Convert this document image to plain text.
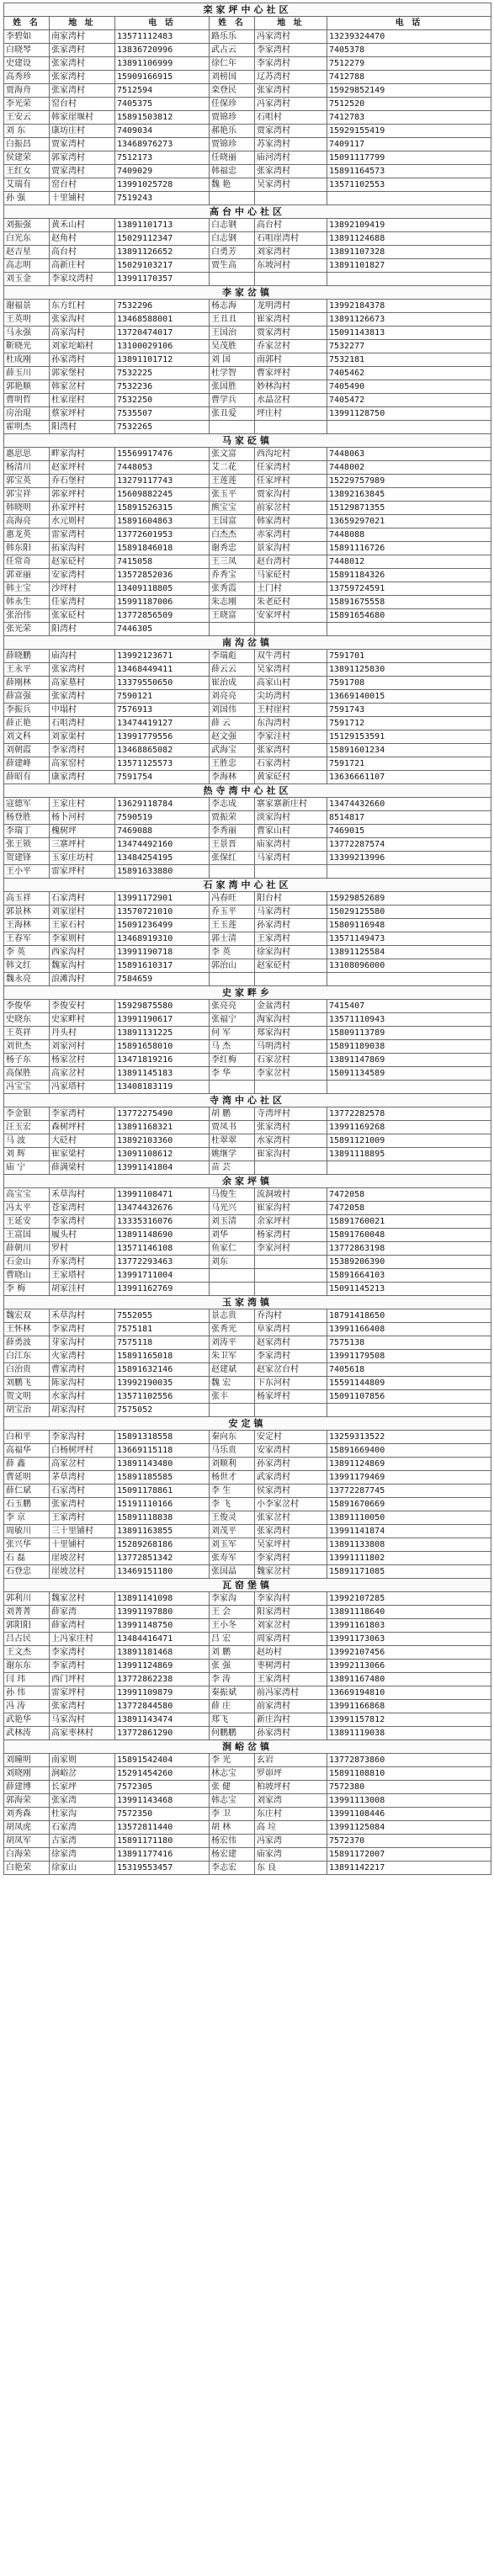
栾家坪中心社区					
姓 名	地 址	电 话	姓 名	地 址	电 话
李碧如	南家湾村	13571112483	路乐乐	冯家湾村	13239324470
白晓琴	张家湾村	13836720996	武占云	李家湾村	7405378
史建设	张家湾村	13891106999	徐仁年	李家湾村	7512279
高秀珍	张家湾村	15909166915	刘榜国	辽苏湾村	7412788
贾海舟	张家湾村	7512594	栾登民	张家湾村	15929852149
李光荣	窑台村	7405375	任保珍	冯家湾村	7512520
王安云	韩家崖堰村	15891503812	贾锦珍	石咀村	7412783
刘 东	康坊庄村	7409034	郝艳乐	贾家湾村	15929155419
白振昌	贾家湾村	13468976273	贾锦珍	苏家湾村	7409117
侯建荣	郭家湾村	7512173	任晓丽	庙河湾村	15091117799
王红女	贾家湾村	7409029	韩福忠	张家湾村	15891164573
艾瑞有	窑台村	13991025728	魏 艳	吴家湾村	13571102553
孙 强	十里铺村	7519243			
高台中心社区					
刘振强	黄禾山村	13891101713	白志钢	高台村	13892109419
白光东	赵角村	15029112347	白志钢	石咀崖湾村	13891124688
赵吉星	高台村	13891126652	白勇芳	刘家湾村	13891107328
高志明	高新庄村	15029103217	贾生高	东坡河村	13891101827
刘玉金	李家坟湾村	13991170357			
李家岔镇					
谢福景	东方红村	7532296	杨志海	龙明湾村	13992184378
王英明	张家沟村	13468588001	王丑丑	崔家湾村	13891126673
马永强	高家沟村	13720474017	王国治	贾家湾村	15091143813
靳晓光	刘家坨峪村	13100029106	吴茂胜	乔家岔村	7532277
杜成刚	孙家湾村	13891101712	刘 国	南郭村	7532181
薛玉川	郭家堡村	7532225	杜学智	曹家坪村	7405462
郭艳顺	韩家岔村	7532236	张国胜	妙林沟村	7405490
曹明哲	杜家崖村	7532250	曹学兵	水晶岔村	7405472
房治琨	蔡家坪村	7535507	张丑爱	坪庄村	13991128750
霍明杰	阳湾村	7532265			
马家砭镇					
惠思思	畔家沟村	15569917476	张文富	西沟坨村	7448063
杨清川	赵家坪村	7448053	艾二花	任家湾村	7448002
郭宝英	乔石堡村	13279117743	王莲莲	任家坪村	15229757989
郭宝祥	郭家坪村	15609882245	张玉平	贾家沟村	13892163845
韩晓明	孙家坪村	15891526315	熊宝宝	前家岔村	15129871355
高海亮	水元则村	15891604863	王国富	韩家湾村	13659297021
惠龙英	雷家湾村	13772601953	白杰杰	赤家湾村	7448088
韩东阳	拓家沟村	15891846018	谢秀忠	景家沟村	15891116726
任常奇	赵家砭村	7415058	王三凤	赵台湾村	7448012
郭亚丽	安家湾村	13572852036	乔秀宝	马家砭村	15891184326
韩士宝	沙坪村	13409118805	张秀霞	土门村	13759724591
韩永生	任家湾村	15991187006	朱志刚	朱老砭村	15891675558
张治伟	张家砭村	13772856509	王晓富	安家坪村	15891654680
张光荣	阳湾村	7446305			
南沟岔镇					
薛晓鹏	庙沟村	13992123671	李瑞彪	双牛湾村	7591701
王永平	张家湾村	13468449411	薛云云	吴家湾村	13891125830
薛刚林	高家墓村	13379550650	崔治成	高家山村	7591708
薛富强	张家湾村	7590121	刘亮亮	尖坊湾村	13669140015
李振兵	中塌村	7576913	刘国伟	王村崖村	7591743
薛正艳	石咀湾村	13474419127	薛 云	东沟湾村	7591712
刘文科	刘家渠村	13991779556	赵文强	李家洼村	15129153591
刘朝霞	李家湾村	13468865082	武海宝	张家湾村	15891601234
薛建峰	高家窑村	13571125573	王胜忠	石家湾村	7591721
薛昭有	康家湾村	7591754	李海林	黄家砭村	13636661107
热寺湾中心社区					
寇德军	王家庄村	13629118784	李志成	寨家寨新庄村	13474432660
杨登胜	杨卜河村	7590519	贾振荣	淡家沟村	8514817
李瑞丁	槐树坪	7469088	李秀丽	曹家山村	7469015
张王锁	三寨坪村	13474492160	王景晋	庙家湾村	13772287574
贺建锋	玉家庄坊村	13484254195	张保红	马家湾村	13399213996
王小平	雷家坪村	15891633880			
石家湾中心社区					
高玉祥	石家湾村	13991172901	冯春旺	阳台村	15929852689
郭景林	刘家崖村	13570721010	乔玉平	马家湾村	15029125580
王海林	王家石村	15091236499	王玉莲	孙家湾村	15809116948
王春军	李家则村	13468919310	郭士清	王家湾村	13571149473
李 英	西家沟村	13991190718	李 英	徐家沟村	13891125584
韩文红	魏家沟村	15891610317	郭治山	赵家砭村	13108096000
魏永亮	浪滩沟村	7584659			
史家畔乡					
李俊华	李俊安村	15929875580	张亮亮	金盆湾村	7415407
史晓东	史家畔村	13991190617	张福宁	淘家沟村	13571110943
王英祥	丹头村	13891131225	何 军	郑家沟村	15809113789
刘世杰	刘家河村	15891658010	马 杰	马明湾村	15891189038
杨子东	杨家岔村	13471819216	李红梅	石家岔村	13891147869
高保胜	高家岔村	13891145183	李 华	李家岔村	15091134589
冯宝宝	冯家塔村	13408183119			
寺湾中心社区					
李金银	李家湾村	13772275490	胡 鹏	寺湾坪村	13772282578
汪玉宏	森树坪村	13891168321	贾凤书	张家湾村	13991169268
马 波	大砭村	13892103360	杜翠翠	水家湾村	15891121009
刘 辉	崔家梁村	13091108612	姚继学	崔家沟村	13891118895
庙 宁	薛满梁村	13991141804	苗 芸		
余家坪镇					
高宝宝	禾草沟村	13991108471	马俊生	流洞坡村	7472058
冯太平	苍家湾村	13474432676	马光兴	崔家沟村	7472058
王延安	李家湾村	13335316076	刘玉清	余家坪村	15891760021
王富国	履头村	13891148690	刘华	杨家湾村	15891760048
薛朝川	罗村	13571146108	鱼家仁	李家河村	13772863198
石金山	乔家湾村	13772293463	刘东		15389206390
曹晓山	王家塔村	13991711004			15891664103
李 梅	胡家洼村	13991162769			15091145213
玉家湾镇					
魏宏双	禾草沟村	7552055	景志贵	乔沟村	18791418650
王怀林	李家湾村	7575181	张秀光	阜家湾村	13991166408
薛勇波	芽家沟村	7575118	刘涛平	赵家湾村	7575138
白江东	火家湾村	15891165018	朱卫军	李家湾村	13991179508
白治贵	曹家湾村	15891632146	赵建斌	赵家岔台村	7405618
刘鹏飞	陈家沟村	13992190035	魏 宏	下东河村	15591144809
贺文明	水家沟村	13571102556	张丰	杨家坪村	15091107856
胡宝治	胡家沟村	7575052			
安定镇					
白和平	李家沟村	15891318558	秦向东	安定村	13259313522
高福华	白杨树坪村	13669115118	马乐贵	安家湾村	15891669400
薛 鑫	高家岔村	13891143480	刘顺利	孙家湾村	13891124869
曹延明	茅草湾村	15891185585	杨世才	武家湾村	13991179469
薛仁斌	石家湾村	15091178861	李 生	侯家湾村	13772287745
石玉鹏	张家湾村	15191110166	李 飞	小李家岔村	15891670669
李 京	王家湾村	15891118838	王俊灵	张家岔村	13891110050
周敏川	三十里铺村	13891163855	刘茂平	张家湾村	13991141874
张兴华	十里铺村	15289268186	刘玉军	吴家坪村	13891133808
石 磊	崖坡岔村	13772851342	张寿军	李家湾村	13991111802
石登忠	崖坡岔村	13469151180	张国晶	魏家岔村	15891171085
瓦窑堡镇					
郭利川	魏家岔村	13891141098	李家沟	李家沟村	13992107285
刘菁菁	薛家湾	13991197880	王 会	阳家湾村	13891118640
郭阳阳	薛家湾村	13991148750	王小冬	刘家岔村	13991161803
吕占民	上冯家庄村	13484416471	吕 宏	周家湾村	13991173063
王文杰	李家湾村	13891181468	刘 鹏	赵坊村	13992107456
谢东东	李家湾村	13991124869	张 强	枣树湾村	13992113066
闫 玮	西门坪村	13772862238	李 涛	王家湾村	13891167480
孙 伟	雷家坪村	13991109879	秦振斌	前冯家湾村	13669194810
冯 涛	张家湾村	13772844580	薛 庄	前家湾村	13991166868
武艳华	马家沟村	13891143474	郑飞	新庄沟村	13991157812
武林涛	高家枣林村	13772861290	何鹏鹏	孙家湾村	13891119038
涧峪岔镇					
刘曈明	南家则	15891542404	李 光	玄岩	13772873860
刘晓刚	涧峪岔	15291454260	林志宝	罗峁坪	15891108810
薛建博	长家坪	7572305	张 健	柏坡坪村	7572380
郭海荣	张家湾	13991143468	韩志宝	刘家湾	13991113008
刘秀森	杜家沟	7572350	李 卫	东庄村	13991108446
胡凤虎	石家湾	13572811440	胡 林	高 垃	13991125084
胡凤军	古家湾	15891171180	杨宏伟	冯家湾	7572370
白海荣	徐家湾	13891177416	杨宏建	庙家湾	15891172007
白艳荣	徐家山	15319553457	李志宏	东 良	13891142217
